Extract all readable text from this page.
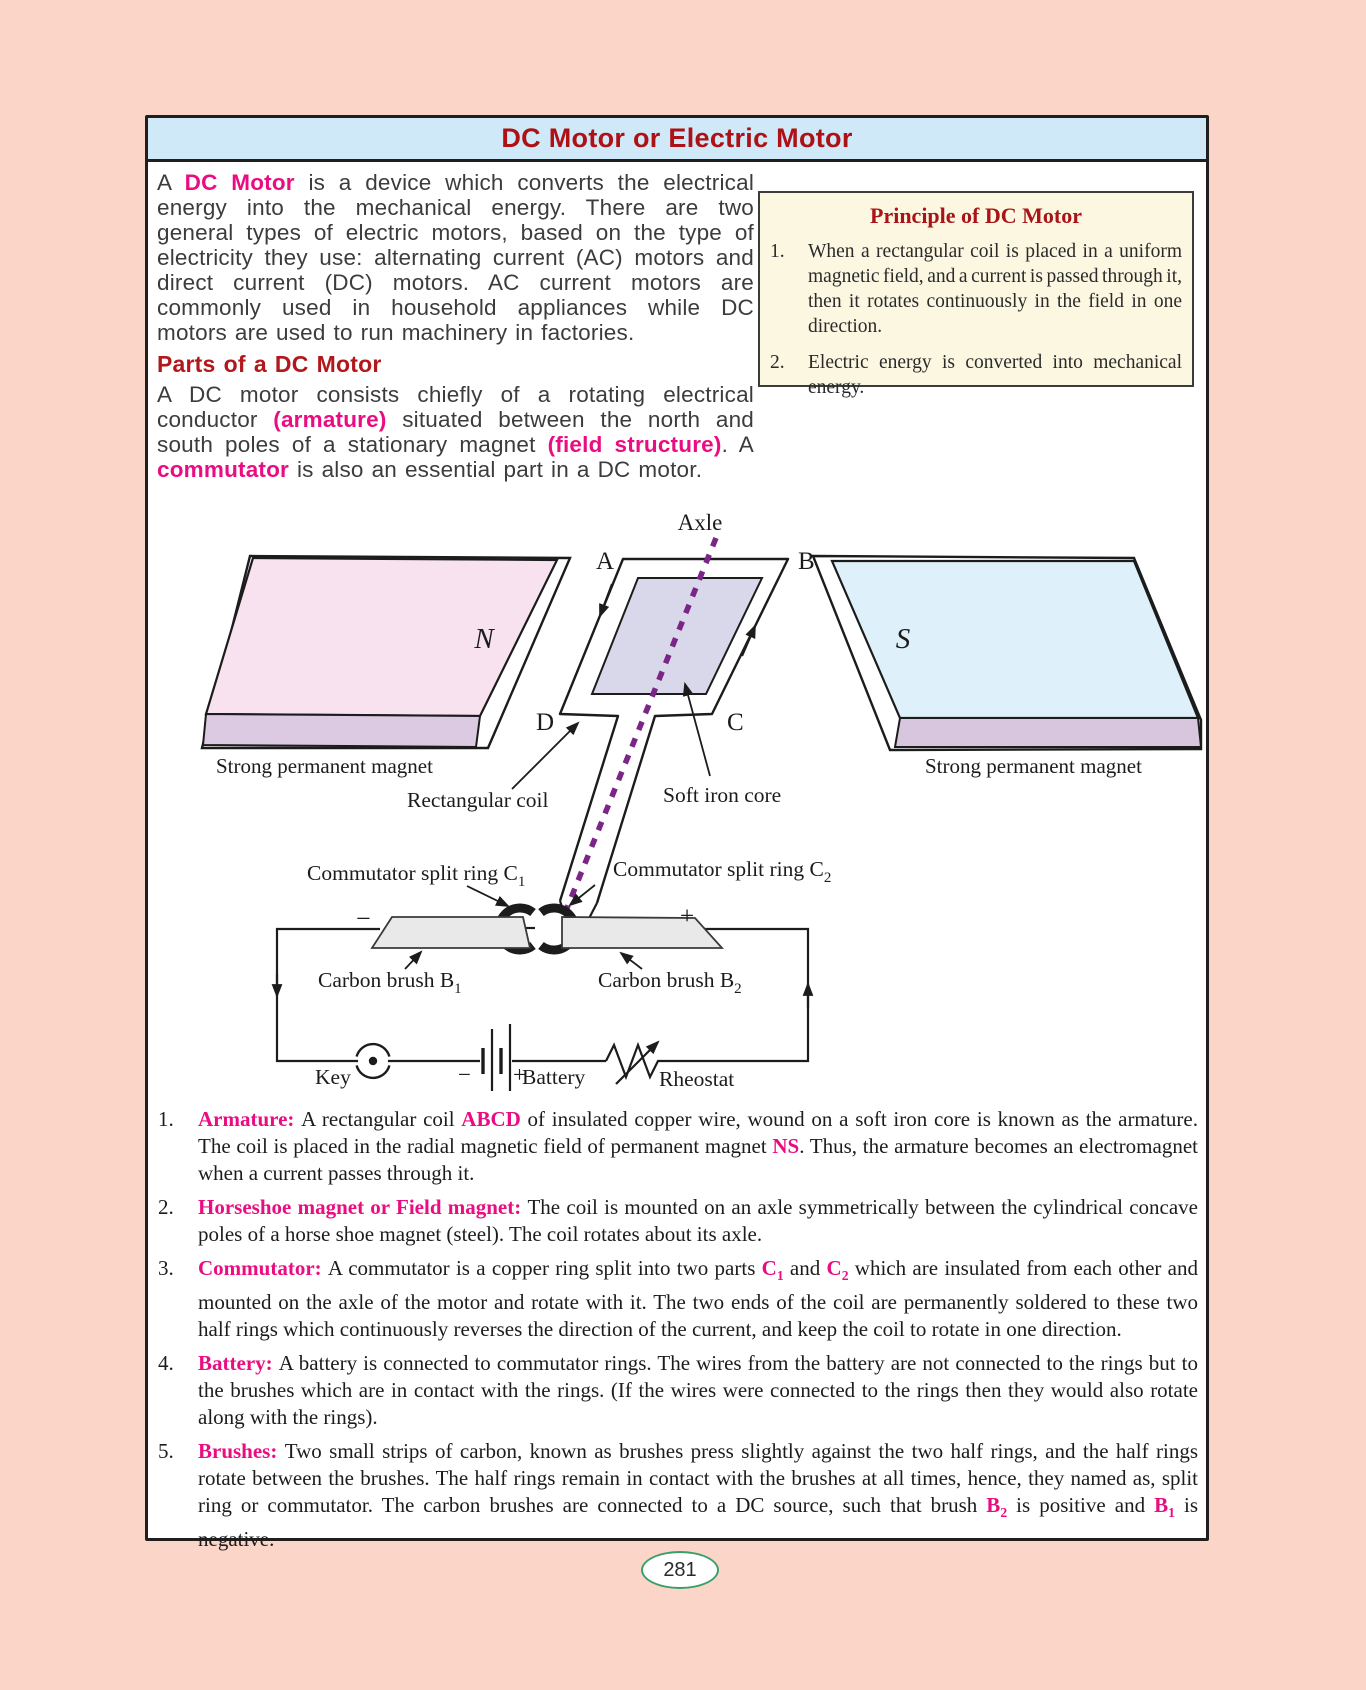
DC Motor or Electric Motor

A DC Motor is a device which converts the electrical energy into the mechanical energy. There are two general types of electric motors, based on the type of electricity they use: alternating current (AC) motors and direct current (DC) motors. AC current motors are commonly used in household appliances while DC motors are used to run machinery in factories.

Parts of a DC Motor

A DC motor consists chiefly of a rotating electrical conductor (armature) situated between the north and south poles of a stationary magnet (field structure). A commutator is also an essential part in a DC motor.

Principle of DC Motor
1.	When a rectangular coil is placed in a uniform magnetic field, and a current is passed through it, then it rotates continuously in the field in one direction.
2.	Electric energy is converted into mechanical energy.
N	S
Strong permanent magnet	Strong permanent magnet
Axle
A	B
D	C
−	+
− +
Rectangular coil	Soft iron core
Commutator split ring $C_1$
Commutator split ring $C_2$
Carbon brush $B_1$	Carbon brush $B_2$
Key	Battery	Rheostat
1.	Armature: A rectangular coil ABCD of insulated copper wire, wound on a soft iron core is known as the armature. The coil is placed in the radial magnetic field of permanent magnet NS. Thus, the armature becomes an electromagnet when a current passes through it.
2.	Horseshoe magnet or Field magnet: The coil is mounted on an axle symmetrically between the cylindrical concave poles of a horse shoe magnet (steel). The coil rotates about its axle.
3.	Commutator: A commutator is a copper ring split into two parts $C_1$ and $C_2$ which are insulated from each other and mounted on the axle of the motor and rotate with it. The two ends of the coil are permanently soldered to these two half rings which continuously reverses the direction of the current, and keep the coil to rotate in one direction.
4.	Battery: A battery is connected to commutator rings. The wires from the battery are not connected to the rings but to the brushes which are in contact with the rings. (If the wires were connected to the rings then they would also rotate along with the rings).
5.	Brushes: Two small strips of carbon, known as brushes press slightly against the two half rings, and the half rings rotate between the brushes. The half rings remain in contact with the brushes at all times, hence, they named as, split ring or commutator. The carbon brushes are connected to a DC source, such that brush $B_2$ is positive and $B_1$ is negative.
281
